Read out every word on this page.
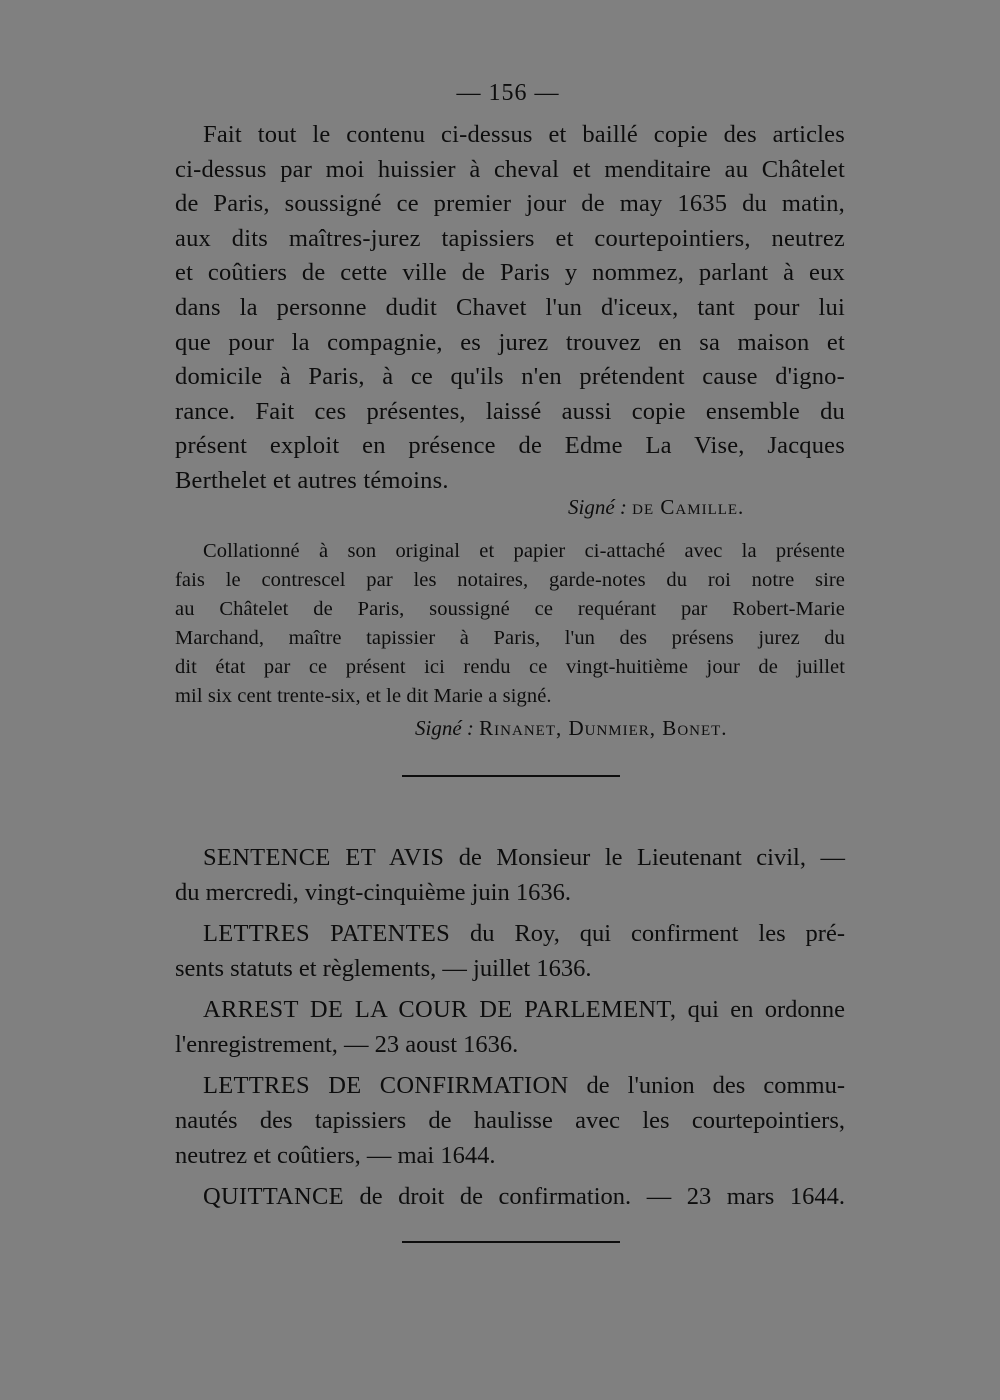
— 156 —
Fait tout le contenu ci-dessus et baillé copie des articles
ci-dessus par moi huissier à cheval et menditaire au Châtelet
de Paris, soussigné ce premier jour de may 1635 du matin,
aux dits maîtres-jurez tapissiers et courtepointiers, neutrez
et coûtiers de cette ville de Paris y nommez, parlant à eux
dans la personne dudit Chavet l'un d'iceux, tant pour lui
que pour la compagnie, es jurez trouvez en sa maison et
domicile à Paris, à ce qu'ils n'en prétendent cause d'igno-
rance. Fait ces présentes, laissé aussi copie ensemble du
présent exploit en présence de Edme La Vise, Jacques
Berthelet et autres témoins.
Signé : de Camille.
Collationné à son original et papier ci-attaché avec la présente
fais le contrescel par les notaires, garde-notes du roi notre sire
au Châtelet de Paris, soussigné ce requérant par Robert-Marie
Marchand, maître tapissier à Paris, l'un des présens jurez du
dit état par ce présent ici rendu ce vingt-huitième jour de juillet
mil six cent trente-six, et le dit Marie a signé.
Signé : Rinanet, Dunmier, Bonet.
SENTENCE ET AVIS de Monsieur le Lieutenant civil, —
du mercredi, vingt-cinquième juin 1636.
LETTRES PATENTES du Roy, qui confirment les pré-
sents statuts et règlements, — juillet 1636.
ARREST DE LA COUR DE PARLEMENT, qui en ordonne
l'enregistrement, — 23 aoust 1636.
LETTRES DE CONFIRMATION de l'union des commu-
nautés des tapissiers de haulisse avec les courtepointiers,
neutrez et coûtiers, — mai 1644.
QUITTANCE de droit de confirmation. — 23 mars 1644.
